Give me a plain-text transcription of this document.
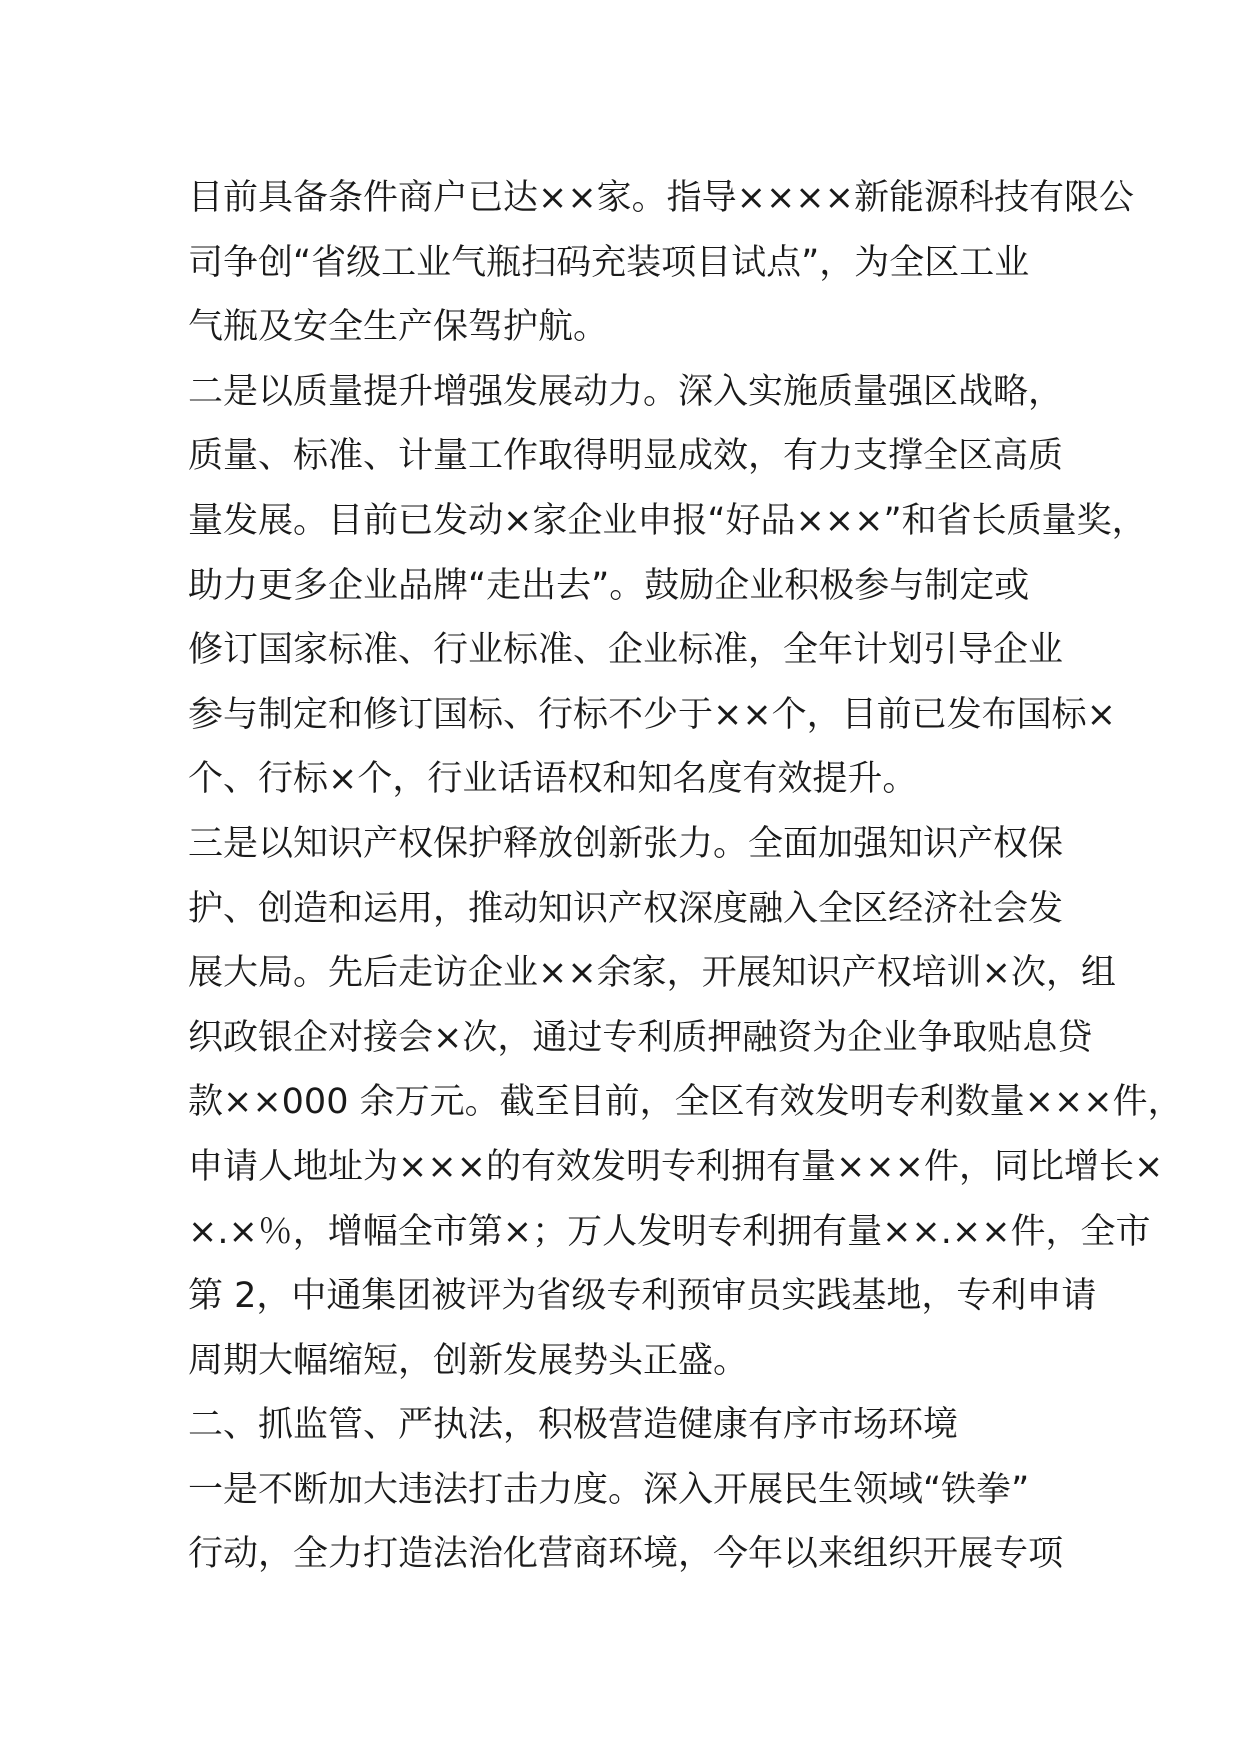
目前具备条件商户已达××家。指导××××新能源科技有限公
司争创“省级工业气瓶扫码充装项目试点”，为全区工业
气瓶及安全生产保驾护航。
二是以质量提升增强发展动力。深入实施质量强区战略，
质量、标准、计量工作取得明显成效，有力支撑全区高质
量发展。目前已发动×家企业申报“好品×××”和省长质量奖，
助力更多企业品牌“走出去”。鼓励企业积极参与制定或
修订国家标准、行业标准、企业标准，全年计划引导企业
参与制定和修订国标、行标不少于××个，目前已发布国标×
个、行标×个，行业话语权和知名度有效提升。
三是以知识产权保护释放创新张力。全面加强知识产权保
护、创造和运用，推动知识产权深度融入全区经济社会发
展大局。先后走访企业××余家，开展知识产权培训×次，组
织政银企对接会×次，通过专利质押融资为企业争取贴息贷
款××000 余万元。截至目前，全区有效发明专利数量×××件，
申请人地址为×××的有效发明专利拥有量×××件，同比增长×
×.×％，增幅全市第×；万人发明专利拥有量××.××件，全市
第 2，中通集团被评为省级专利预审员实践基地，专利申请
周期大幅缩短，创新发展势头正盛。
二、抓监管、严执法，积极营造健康有序市场环境
一是不断加大违法打击力度。深入开展民生领域“铁拳”
行动，全力打造法治化营商环境，今年以来组织开展专项
